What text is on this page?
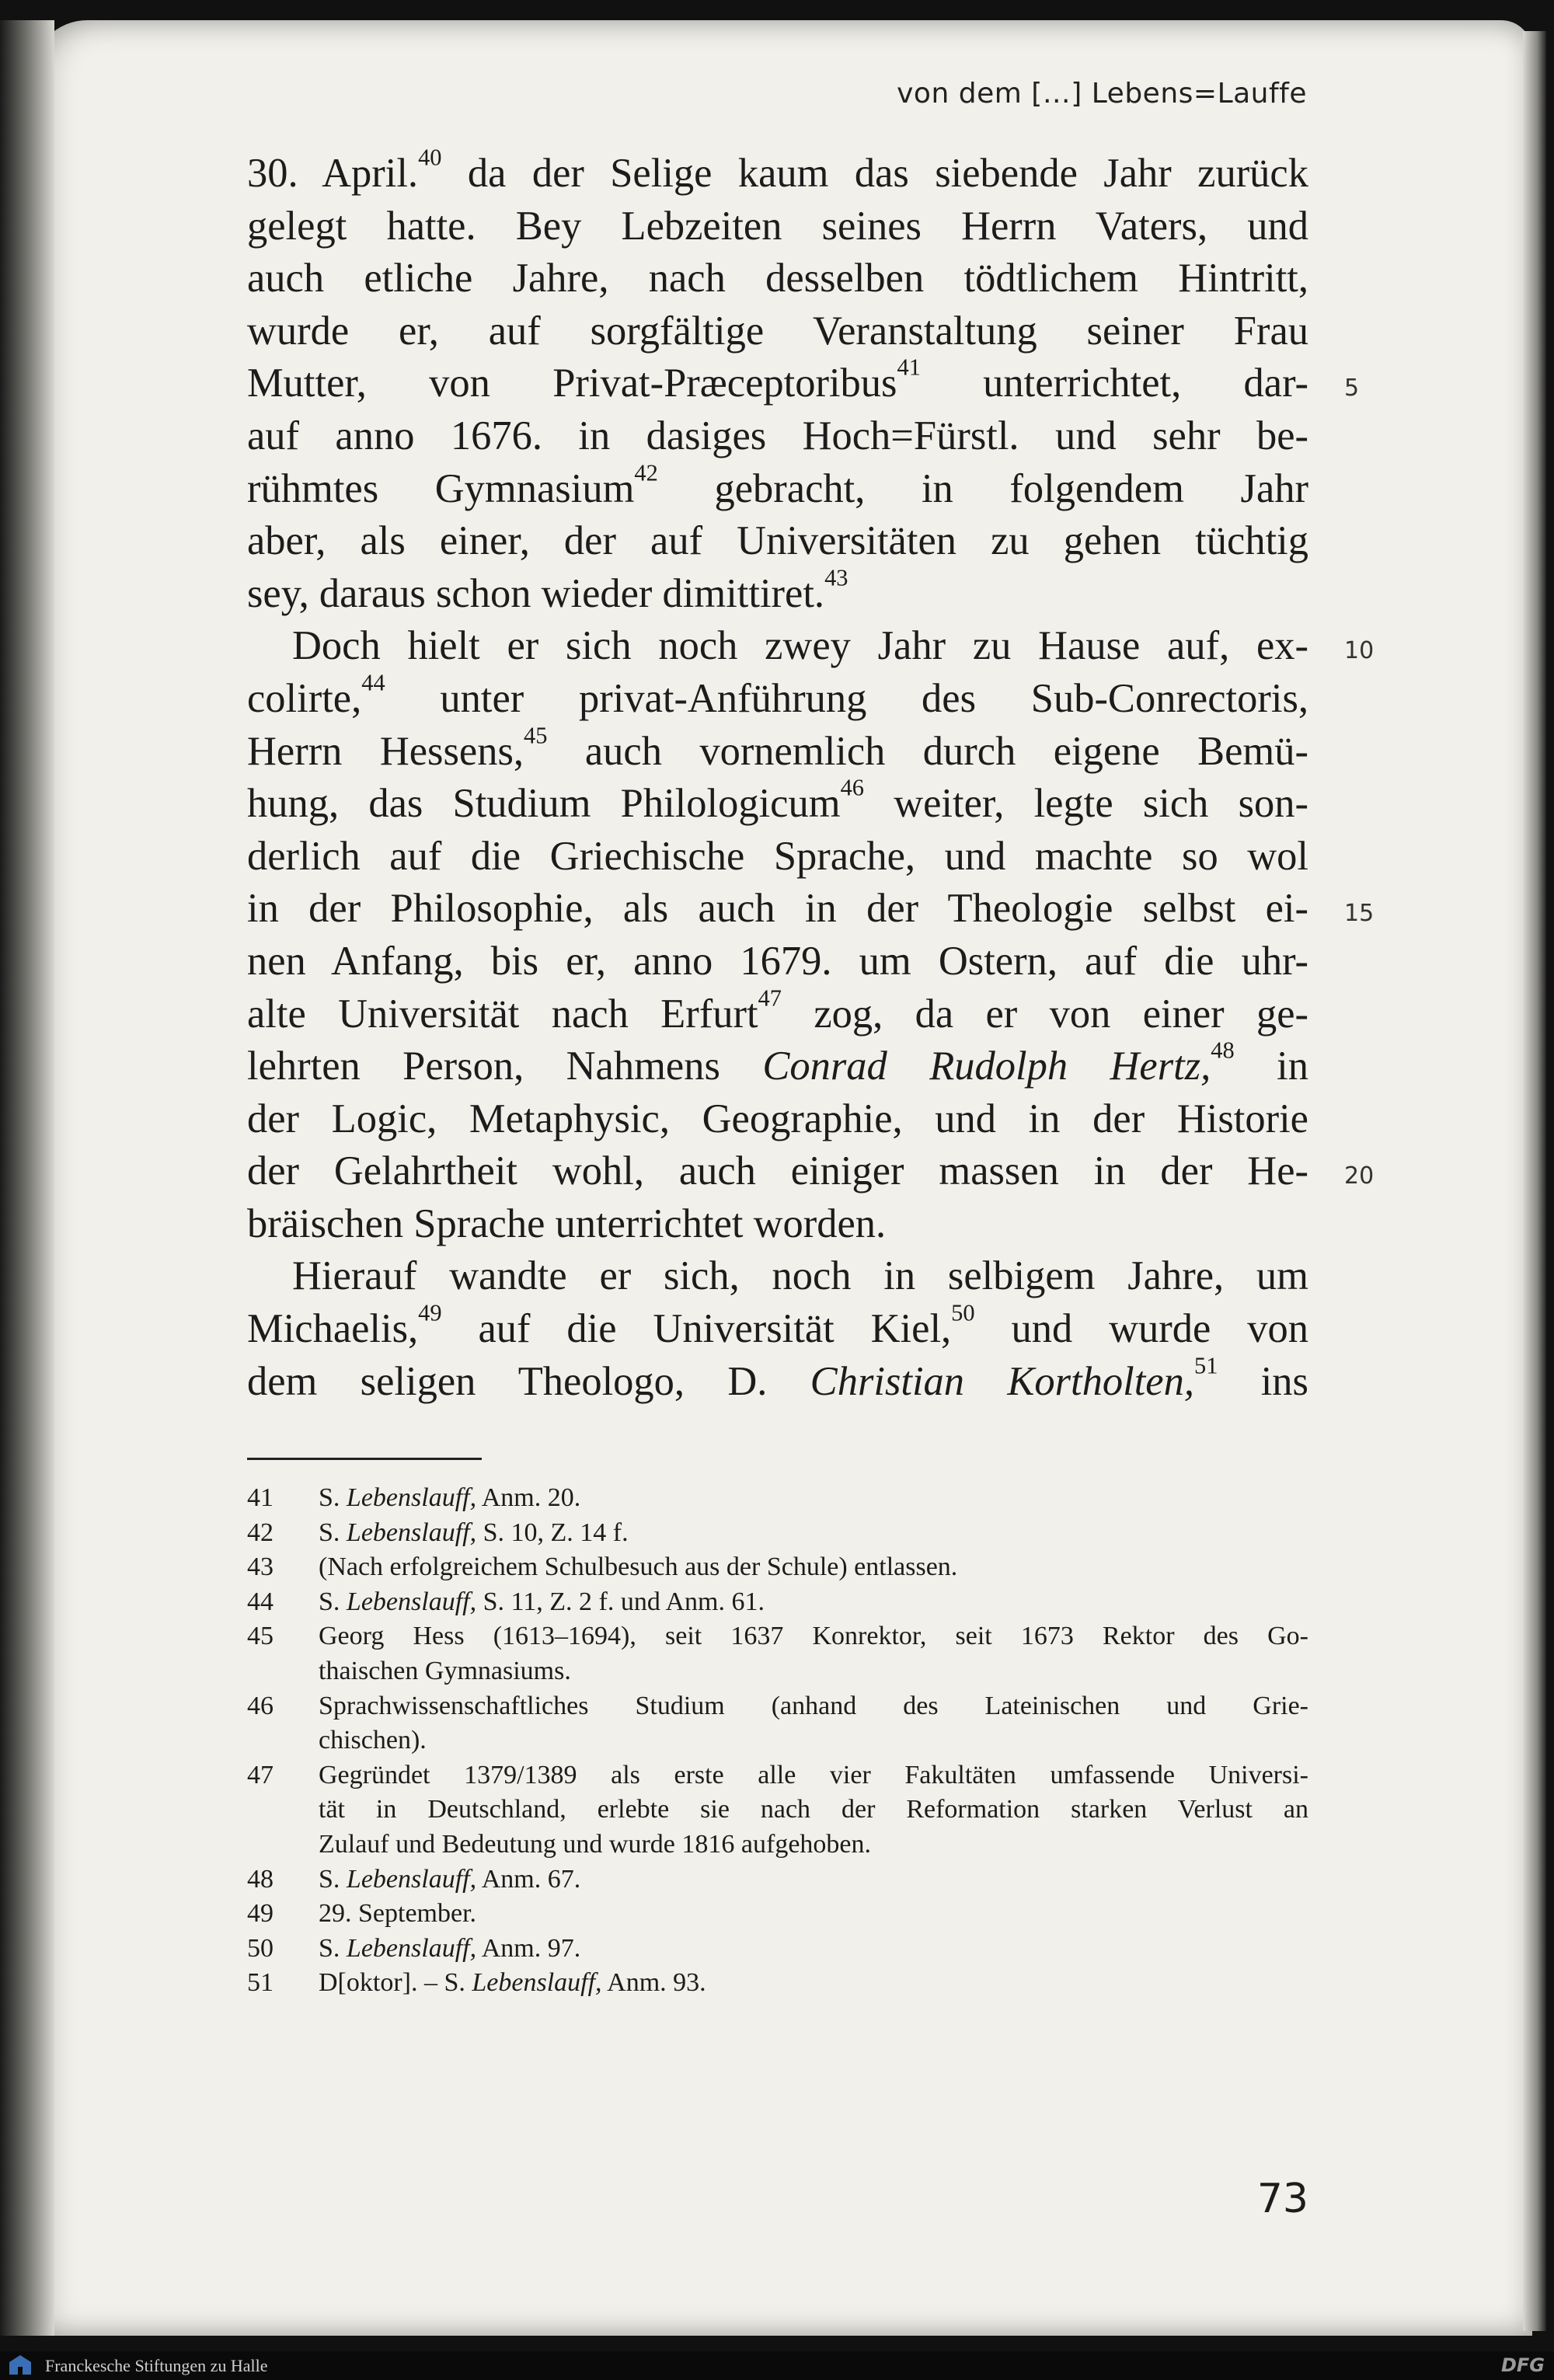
von dem […] Lebens=Lauffe
30. April.$^{40}$ da der Selige kaum das siebende Jahr zurück
gelegt hatte. Bey Lebzeiten seines Herrn Vaters, und
auch etliche Jahre, nach desselben tödtlichem Hintritt,
wurde er, auf sorgfältige Veranstaltung seiner Frau
Mutter, von Privat-Præceptoribus$^{41}$ unterrichtet, dar-
auf anno 1676. in dasiges Hoch=Fürstl. und sehr be-
rühmtes Gymnasium$^{42}$ gebracht, in folgendem Jahr
aber, als einer, der auf Universitäten zu gehen tüchtig
sey, daraus schon wieder dimittiret.$^{43}$
Doch hielt er sich noch zwey Jahr zu Hause auf, ex-
colirte,$^{44}$ unter privat-Anführung des Sub-Conrectoris,
Herrn Hessens,$^{45}$ auch vornemlich durch eigene Bemü-
hung, das Studium Philologicum$^{46}$ weiter, legte sich son-
derlich auf die Griechische Sprache, und machte so wol
in der Philosophie, als auch in der Theologie selbst ei-
nen Anfang, bis er, anno 1679. um Ostern, auf die uhr-
alte Universität nach Erfurt$^{47}$ zog, da er von einer ge-
lehrten Person, Nahmens Conrad Rudolph Hertz,$^{48}$ in
der Logic, Metaphysic, Geographie, und in der Historie
der Gelahrtheit wohl, auch einiger massen in der He-
bräischen Sprache unterrichtet worden.
Hierauf wandte er sich, noch in selbigem Jahre, um
Michaelis,$^{49}$ auf die Universität Kiel,$^{50}$ und wurde von
dem seligen Theologo, D. Christian Kortholten,$^{51}$ ins
5
10
15
20
41	S. Lebenslauff, Anm. 20.
42	S. Lebenslauff, S. 10, Z. 14 f.
43	(Nach erfolgreichem Schulbesuch aus der Schule) entlassen.
44	S. Lebenslauff, S. 11, Z. 2 f. und Anm. 61.
45	Georg Hess (1613–1694), seit 1637 Konrektor, seit 1673 Rektor des Go-
thaischen Gymnasiums.
46	Sprachwissenschaftliches Studium (anhand des Lateinischen und Grie-
chischen).
47	Gegründet 1379/1389 als erste alle vier Fakultäten umfassende Universi-
tät in Deutschland, erlebte sie nach der Reformation starken Verlust an
Zulauf und Bedeutung und wurde 1816 aufgehoben.
48	S. Lebenslauff, Anm. 67.
49	29. September.
50	S. Lebenslauff, Anm. 97.
51	D[oktor]. – S. Lebenslauff, Anm. 93.
73
Franckesche Stiftungen zu Halle	DFG
